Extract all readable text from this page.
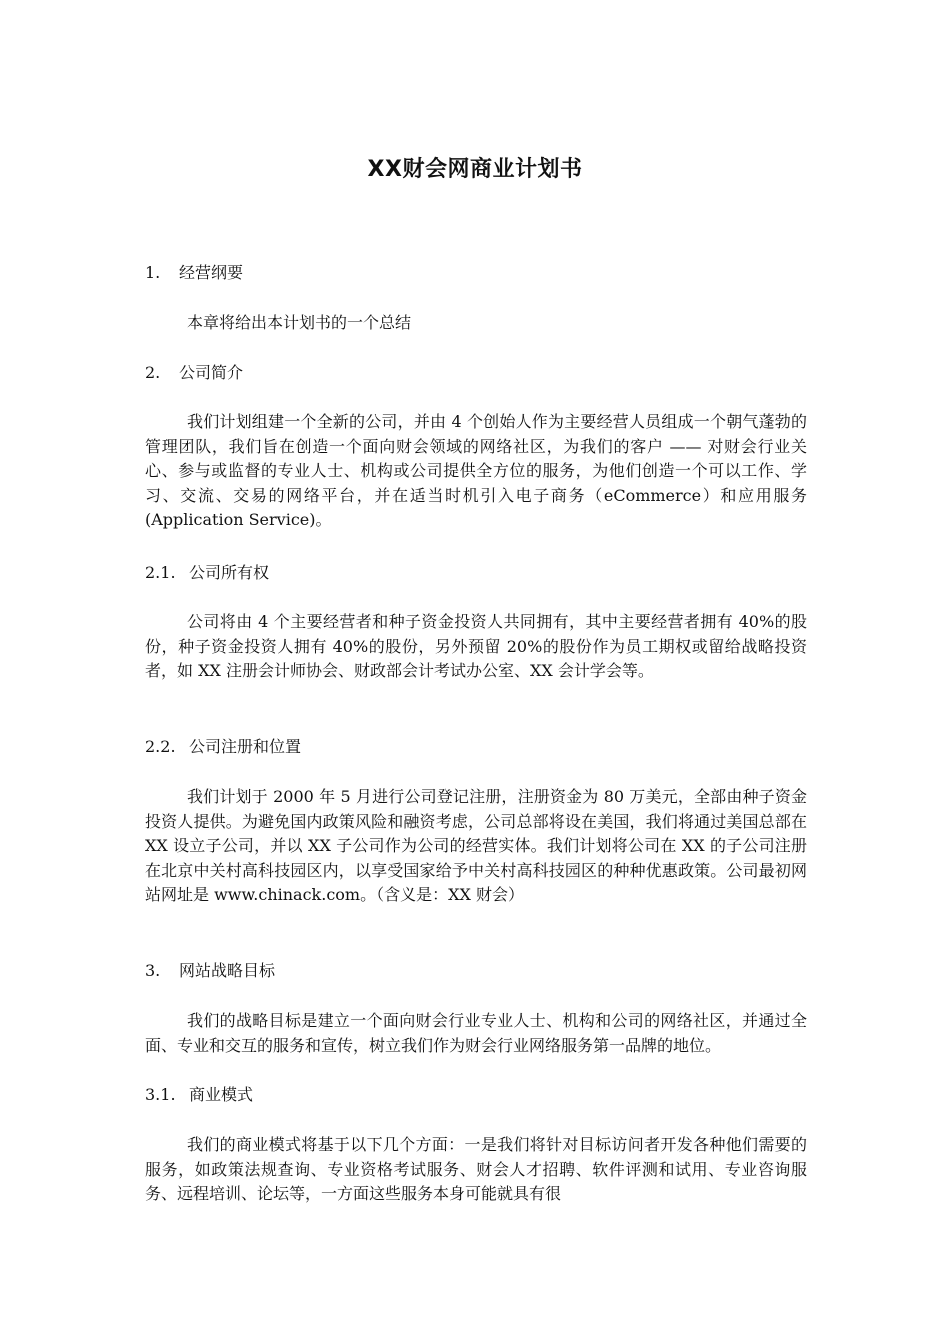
XX财会网商业计划书
1. 经营纲要

本章将给出本计划书的一个总结

2. 公司简介

我们计划组建一个全新的公司，并由 4 个创始人作为主要经营人员组成一个朝气蓬勃的管理团队，我们旨在创造一个面向财会领域的网络社区，为我们的客户 —— 对财会行业关心、参与或监督的专业人士、机构或公司提供全方位的服务，为他们创造一个可以工作、学习、交流、交易的网络平台，并在适当时机引入电子商务（eCommerce）和应用服务(Application Service)。

2.1. 公司所有权

公司将由 4 个主要经营者和种子资金投资人共同拥有，其中主要经营者拥有 40%的股份，种子资金投资人拥有 40%的股份，另外预留 20%的股份作为员工期权或留给战略投资者，如 XX 注册会计师协会、财政部会计考试办公室、XX 会计学会等。

2.2. 公司注册和位置

我们计划于 2000 年 5 月进行公司登记注册，注册资金为 80 万美元，全部由种子资金投资人提供。为避免国内政策风险和融资考虑，公司总部将设在美国，我们将通过美国总部在 XX 设立子公司，并以 XX 子公司作为公司的经营实体。我们计划将公司在 XX 的子公司注册在北京中关村高科技园区内，以享受国家给予中关村高科技园区的种种优惠政策。公司最初网站网址是 www.chinack.com。（含义是：XX 财会）

3. 网站战略目标

我们的战略目标是建立一个面向财会行业专业人士、机构和公司的网络社区，并通过全面、专业和交互的服务和宣传，树立我们作为财会行业网络服务第一品牌的地位。

3.1. 商业模式

我们的商业模式将基于以下几个方面：一是我们将针对目标访问者开发各种他们需要的服务，如政策法规查询、专业资格考试服务、财会人才招聘、软件评测和试用、专业咨询服务、远程培训、论坛等，一方面这些服务本身可能就具有很
